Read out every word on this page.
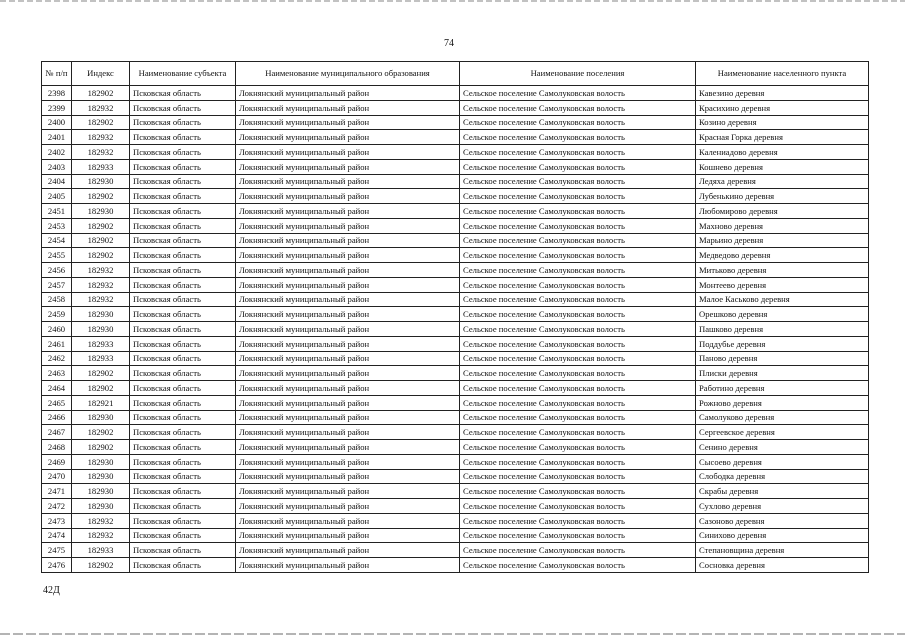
74
№ п/п	Индекс	Наименование субъекта	Наименование муниципального образования	Наименование поселения	Наименование населенного пункта
2398	182902	Псковская область	Локнянский муниципальный район	Сельское поселение Самолуковская волость	Кавезино деревня
2399	182932	Псковская область	Локнянский муниципальный район	Сельское поселение Самолуковская волость	Красихино деревня
2400	182902	Псковская область	Локнянский муниципальный район	Сельское поселение Самолуковская волость	Козино деревня
2401	182932	Псковская область	Локнянский муниципальный район	Сельское поселение Самолуковская волость	Красная Горка деревня
2402	182932	Псковская область	Локнянский муниципальный район	Сельское поселение Самолуковская волость	Калениaдово деревня
2403	182933	Псковская область	Локнянский муниципальный район	Сельское поселение Самолуковская волость	Кошнево деревня
2404	182930	Псковская область	Локнянский муниципальный район	Сельское поселение Самолуковская волость	Ледяха деревня
2405	182902	Псковская область	Локнянский муниципальный район	Сельское поселение Самолуковская волость	Лубенькино деревня
2451	182930	Псковская область	Локнянский муниципальный район	Сельское поселение Самолуковская волость	Любомирово деревня
2453	182902	Псковская область	Локнянский муниципальный район	Сельское поселение Самолуковская волость	Махново деревня
2454	182902	Псковская область	Локнянский муниципальный район	Сельское поселение Самолуковская волость	Марьино деревня
2455	182902	Псковская область	Локнянский муниципальный район	Сельское поселение Самолуковская волость	Медведово деревня
2456	182932	Псковская область	Локнянский муниципальный район	Сельское поселение Самолуковская волость	Митьково деревня
2457	182932	Псковская область	Локнянский муниципальный район	Сельское поселение Самолуковская волость	Монтеево деревня
2458	182932	Псковская область	Локнянский муниципальный район	Сельское поселение Самолуковская волость	Малое Каськово деревня
2459	182930	Псковская область	Локнянский муниципальный район	Сельское поселение Самолуковская волость	Орешково деревня
2460	182930	Псковская область	Локнянский муниципальный район	Сельское поселение Самолуковская волость	Пашково деревня
2461	182933	Псковская область	Локнянский муниципальный район	Сельское поселение Самолуковская волость	Поддубье деревня
2462	182933	Псковская область	Локнянский муниципальный район	Сельское поселение Самолуковская волость	Паново деревня
2463	182902	Псковская область	Локнянский муниципальный район	Сельское поселение Самолуковская волость	Плиски деревня
2464	182902	Псковская область	Локнянский муниципальный район	Сельское поселение Самолуковская волость	Работино деревня
2465	182921	Псковская область	Локнянский муниципальный район	Сельское поселение Самолуковская волость	Рожново деревня
2466	182930	Псковская область	Локнянский муниципальный район	Сельское поселение Самолуковская волость	Самолуково деревня
2467	182902	Псковская область	Локнянский муниципальный район	Сельское поселение Самолуковская волость	Сергеевское деревня
2468	182902	Псковская область	Локнянский муниципальный район	Сельское поселение Самолуковская волость	Сенино деревня
2469	182930	Псковская область	Локнянский муниципальный район	Сельское поселение Самолуковская волость	Сысоево деревня
2470	182930	Псковская область	Локнянский муниципальный район	Сельское поселение Самолуковская волость	Слободка деревня
2471	182930	Псковская область	Локнянский муниципальный район	Сельское поселение Самолуковская волость	Скрабы деревня
2472	182930	Псковская область	Локнянский муниципальный район	Сельское поселение Самолуковская волость	Сухлово деревня
2473	182932	Псковская область	Локнянский муниципальный район	Сельское поселение Самолуковская волость	Сазоново деревня
2474	182932	Псковская область	Локнянский муниципальный район	Сельское поселение Самолуковская волость	Синихово деревня
2475	182933	Псковская область	Локнянский муниципальный район	Сельское поселение Самолуковская волость	Степановщина деревня
2476	182902	Псковская область	Локнянский муниципальный район	Сельское поселение Самолуковская волость	Сосновка деревня
42Д
